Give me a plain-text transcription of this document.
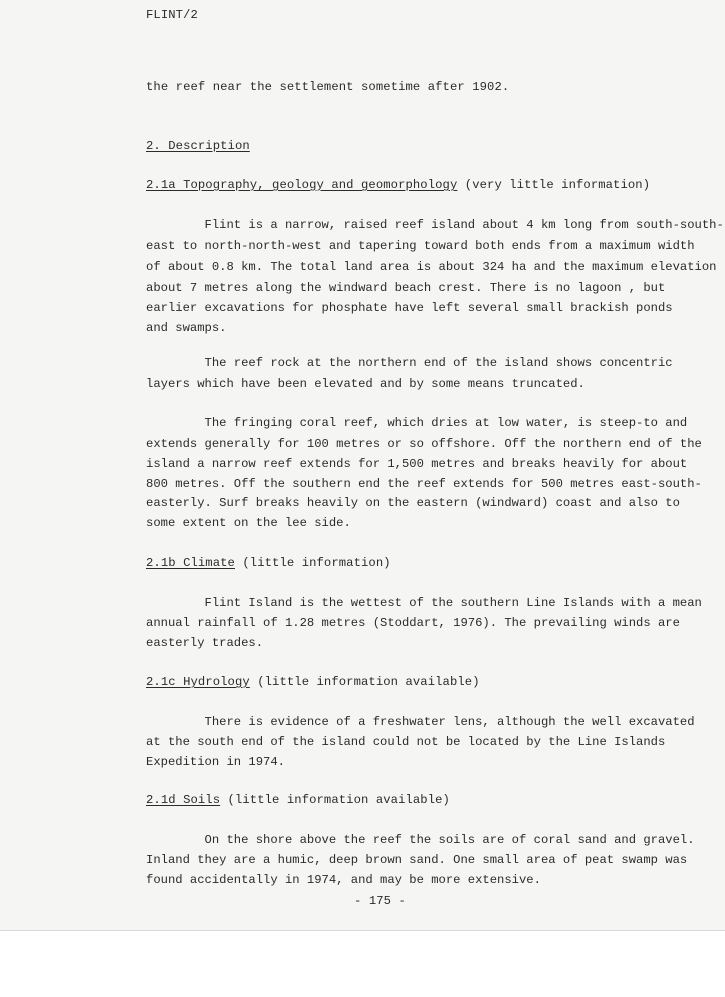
FLINT/2
the reef near the settlement sometime after 1902.
2. Description
2.1a Topography, geology and geomorphology (very little information)
Flint is a narrow, raised reef island about 4 km long from south-south-
east to north-north-west and tapering toward both ends from a maximum width
of about 0.8 km. The total land area is about 324 ha and the maximum elevation
about 7 metres along the windward beach crest. There is no lagoon , but
earlier excavations for phosphate have left several small brackish ponds
and swamps.
The reef rock at the northern end of the island shows concentric
layers which have been elevated and by some means truncated.
The fringing coral reef, which dries at low water, is steep-to and
extends generally for 100 metres or so offshore. Off the northern end of the
island a narrow reef extends for 1,500 metres and breaks heavily for about
800 metres. Off the southern end the reef extends for 500 metres east-south-
easterly. Surf breaks heavily on the eastern (windward) coast and also to
some extent on the lee side.
2.1b Climate (little information)
Flint Island is the wettest of the southern Line Islands with a mean
annual rainfall of 1.28 metres (Stoddart, 1976). The prevailing winds are
easterly trades.
2.1c Hydrology (little information available)
There is evidence of a freshwater lens, although the well excavated
at the south end of the island could not be located by the Line Islands
Expedition in 1974.
2.1d Soils (little information available)
On the shore above the reef the soils are of coral sand and gravel.
Inland they are a humic, deep brown sand. One small area of peat swamp was
found accidentally in 1974, and may be more extensive.
- 175 -
